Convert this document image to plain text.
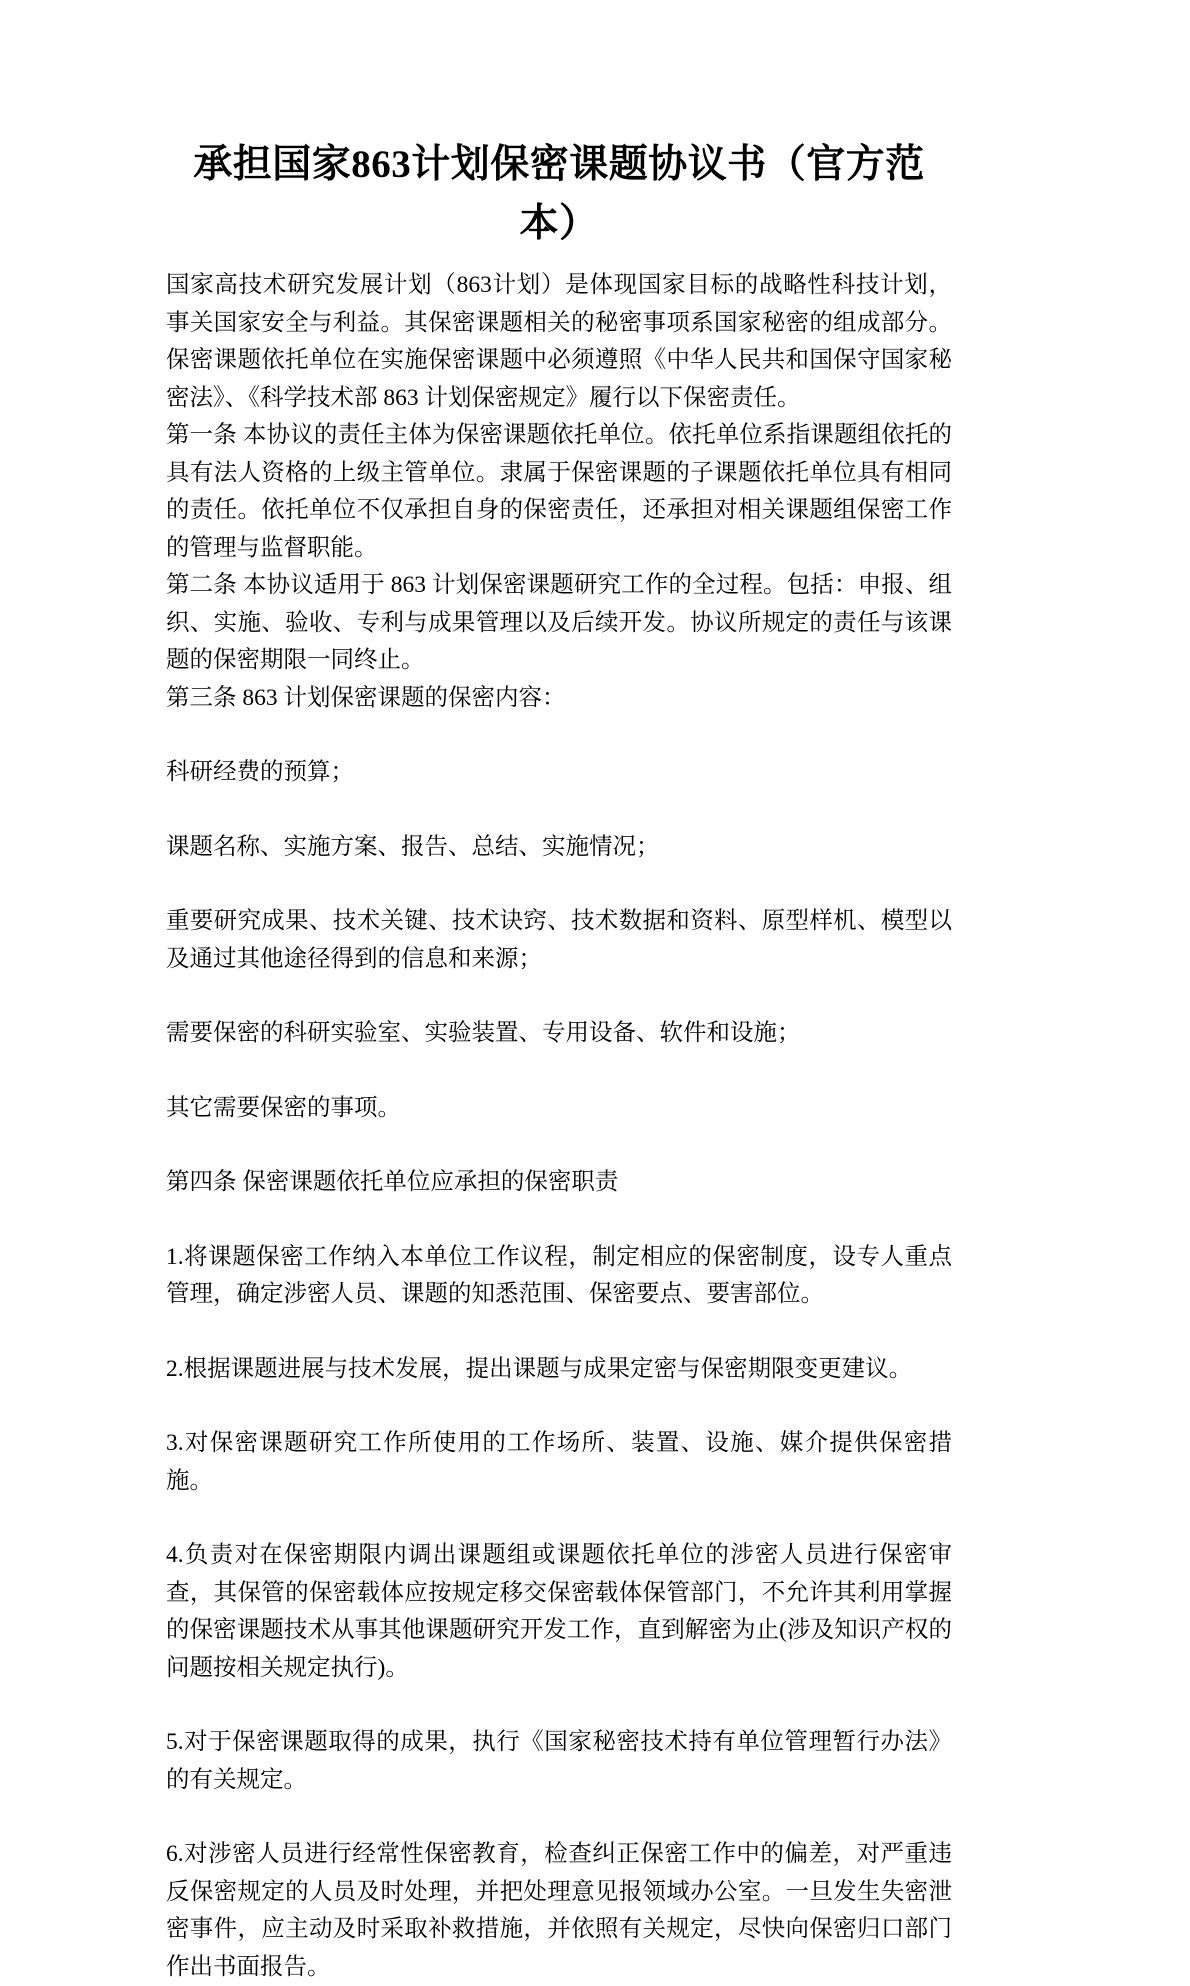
承担国家863计划保密课题协议书（官方范本）

国家高技术研究发展计划（863计划）是体现国家目标的战略性科技计划，事关国家安全与利益。其保密课题相关的秘密事项系国家秘密的组成部分。保密课题依托单位在实施保密课题中必须遵照《中华人民共和国保守国家秘密法》、《科学技术部 863 计划保密规定》履行以下保密责任。

第一条 本协议的责任主体为保密课题依托单位。依托单位系指课题组依托的具有法人资格的上级主管单位。隶属于保密课题的子课题依托单位具有相同的责任。依托单位不仅承担自身的保密责任，还承担对相关课题组保密工作的管理与监督职能。

第二条 本协议适用于 863 计划保密课题研究工作的全过程。包括：申报、组织、实施、验收、专利与成果管理以及后续开发。协议所规定的责任与该课题的保密期限一同终止。

第三条 863 计划保密课题的保密内容：

科研经费的预算；

课题名称、实施方案、报告、总结、实施情况；

重要研究成果、技术关键、技术诀窍、技术数据和资料、原型样机、模型以及通过其他途径得到的信息和来源；

需要保密的科研实验室、实验装置、专用设备、软件和设施；

其它需要保密的事项。

第四条 保密课题依托单位应承担的保密职责

1.将课题保密工作纳入本单位工作议程，制定相应的保密制度，设专人重点管理，确定涉密人员、课题的知悉范围、保密要点、要害部位。

2.根据课题进展与技术发展，提出课题与成果定密与保密期限变更建议。

3.对保密课题研究工作所使用的工作场所、装置、设施、媒介提供保密措施。

4.负责对在保密期限内调出课题组或课题依托单位的涉密人员进行保密审查，其保管的保密载体应按规定移交保密载体保管部门，不允许其利用掌握的保密课题技术从事其他课题研究开发工作，直到解密为止(涉及知识产权的问题按相关规定执行)。

5.对于保密课题取得的成果，执行《国家秘密技术持有单位管理暂行办法》的有关规定。

6.对涉密人员进行经常性保密教育，检查纠正保密工作中的偏差，对严重违反保密规定的人员及时处理，并把处理意见报领域办公室。一旦发生失密泄密事件，应主动及时采取补救措施，并依照有关规定，尽快向保密归口部门作出书面报告。
